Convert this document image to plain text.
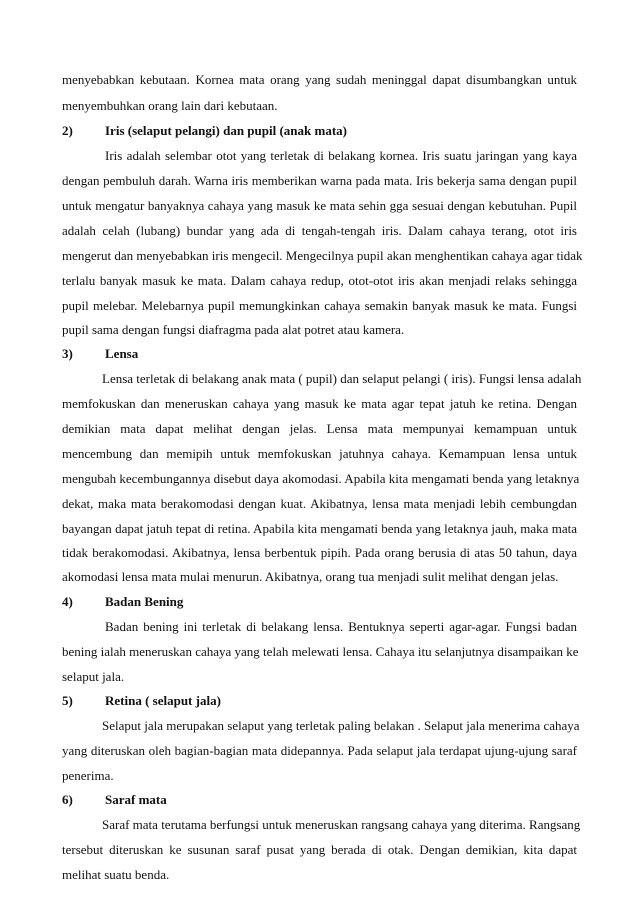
menyebabkan kebutaan. Kornea mata orang yang sudah meninggal dapat disumbangkan untuk
menyembuhkan orang lain dari kebutaan.
2) Iris (selaput pelangi) dan pupil (anak mata)
Iris adalah selembar otot yang terletak di belakang kornea. Iris suatu jaringan yang kaya
dengan pembuluh darah. Warna iris memberikan warna pada mata. Iris bekerja sama dengan pupil
untuk mengatur banyaknya cahaya yang masuk ke mata sehin gga sesuai dengan kebutuhan. Pupil
adalah celah (lubang) bundar yang ada di tengah-tengah iris. Dalam cahaya terang, otot iris
mengerut dan menyebabkan iris mengecil. Mengecilnya pupil akan menghentikan cahaya agar tidak
terlalu banyak masuk ke mata. Dalam cahaya redup, otot-otot iris akan menjadi relaks sehingga
pupil melebar. Melebarnya pupil memungkinkan cahaya semakin banyak masuk ke mata. Fungsi
pupil sama dengan fungsi diafragma pada alat potret atau kamera.
3) Lensa
Lensa terletak di belakang anak mata ( pupil) dan selaput pelangi ( iris). Fungsi lensa adalah
memfokuskan dan meneruskan cahaya yang masuk ke mata agar tepat jatuh ke retina. Dengan
demikian mata dapat melihat dengan jelas. Lensa mata mempunyai kemampuan untuk
mencembung dan memipih untuk memfokuskan jatuhnya cahaya. Kemampuan lensa untuk
mengubah kecembungannya disebut daya akomodasi. Apabila kita mengamati benda yang letaknya
dekat, maka mata berakomodasi dengan kuat. Akibatnya, lensa mata menjadi lebih cembungdan
bayangan dapat jatuh tepat di retina. Apabila kita mengamati benda yang letaknya jauh, maka mata
tidak berakomodasi. Akibatnya, lensa berbentuk pipih. Pada orang berusia di atas 50 tahun, daya
akomodasi lensa mata mulai menurun. Akibatnya, orang tua menjadi sulit melihat dengan jelas.
4) Badan Bening
Badan bening ini terletak di belakang lensa. Bentuknya seperti agar-agar. Fungsi badan
bening ialah meneruskan cahaya yang telah melewati lensa. Cahaya itu selanjutnya disampaikan ke
selaput jala.
5) Retina ( selaput jala)
Selaput jala merupakan selaput yang terletak paling belakan . Selaput jala menerima cahaya
yang diteruskan oleh bagian-bagian mata didepannya. Pada selaput jala terdapat ujung-ujung saraf
penerima.
6) Saraf mata
Saraf mata terutama berfungsi untuk meneruskan rangsang cahaya yang diterima. Rangsang
tersebut diteruskan ke susunan saraf pusat yang berada di otak. Dengan demikian, kita dapat
melihat suatu benda.
